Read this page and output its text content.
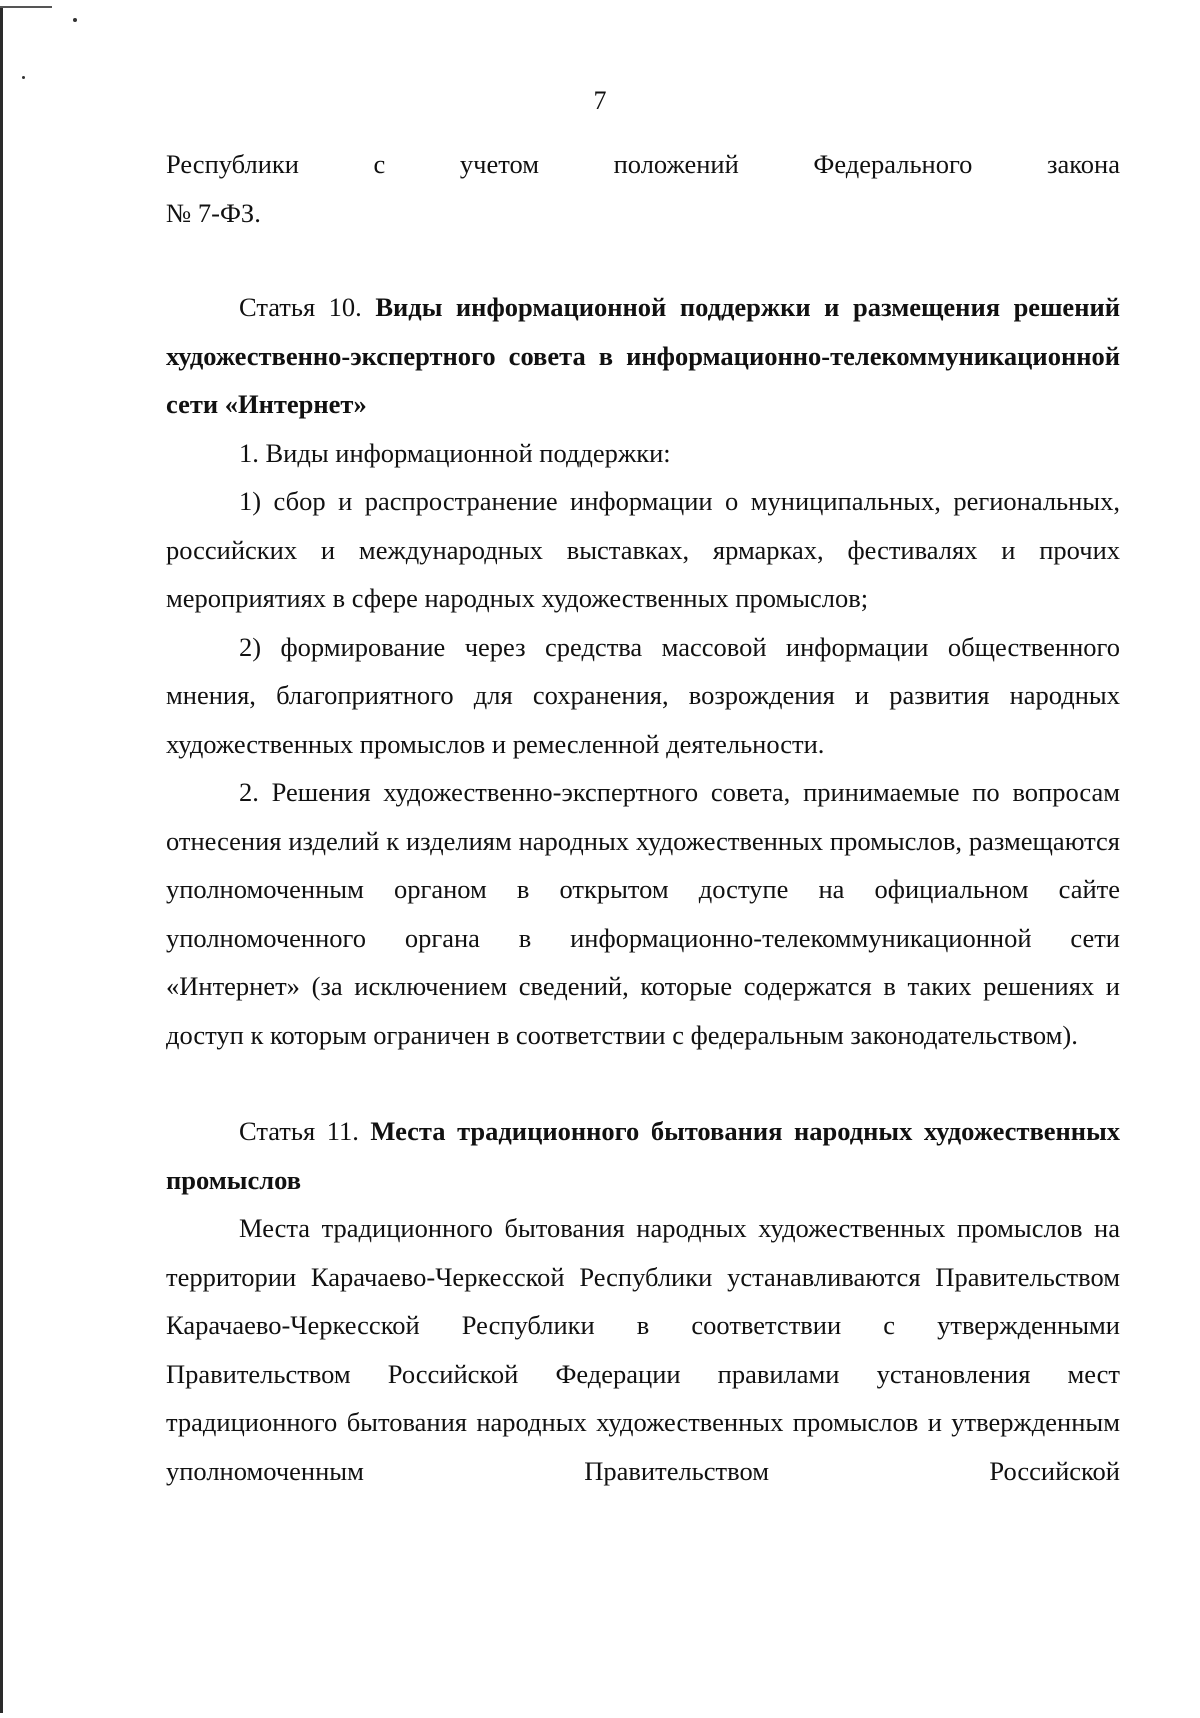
7

Республики с учетом положений Федерального закона

№ 7-ФЗ.

Статья 10. Виды информационной поддержки и размещения решений художественно-экспертного совета в информационно-телекоммуникационной сети «Интернет»

1. Виды информационной поддержки:

1) сбор и распространение информации о муниципальных, региональных, российских и международных выставках, ярмарках, фестивалях и прочих мероприятиях в сфере народных художественных промыслов;

2) формирование через средства массовой информации общественного мнения, благоприятного для сохранения, возрождения и развития народных художественных промыслов и ремесленной деятельности.

2. Решения художественно-экспертного совета, принимаемые по вопросам отнесения изделий к изделиям народных художественных промыслов, размещаются уполномоченным органом в открытом доступе на официальном сайте уполномоченного органа в информационно-телекоммуникационной сети «Интернет» (за исключением сведений, которые содержатся в таких решениях и доступ к которым ограничен в соответствии с федеральным законодательством).

Статья 11. Места традиционного бытования народных художественных промыслов

Места традиционного бытования народных художественных промыслов на территории Карачаево-Черкесской Республики устанавливаются Правительством Карачаево-Черкесской Республики в соответствии с утвержденными Правительством Российской Федерации правилами установления мест традиционного бытования народных художественных промыслов и утвержденным уполномоченным Правительством Российской
